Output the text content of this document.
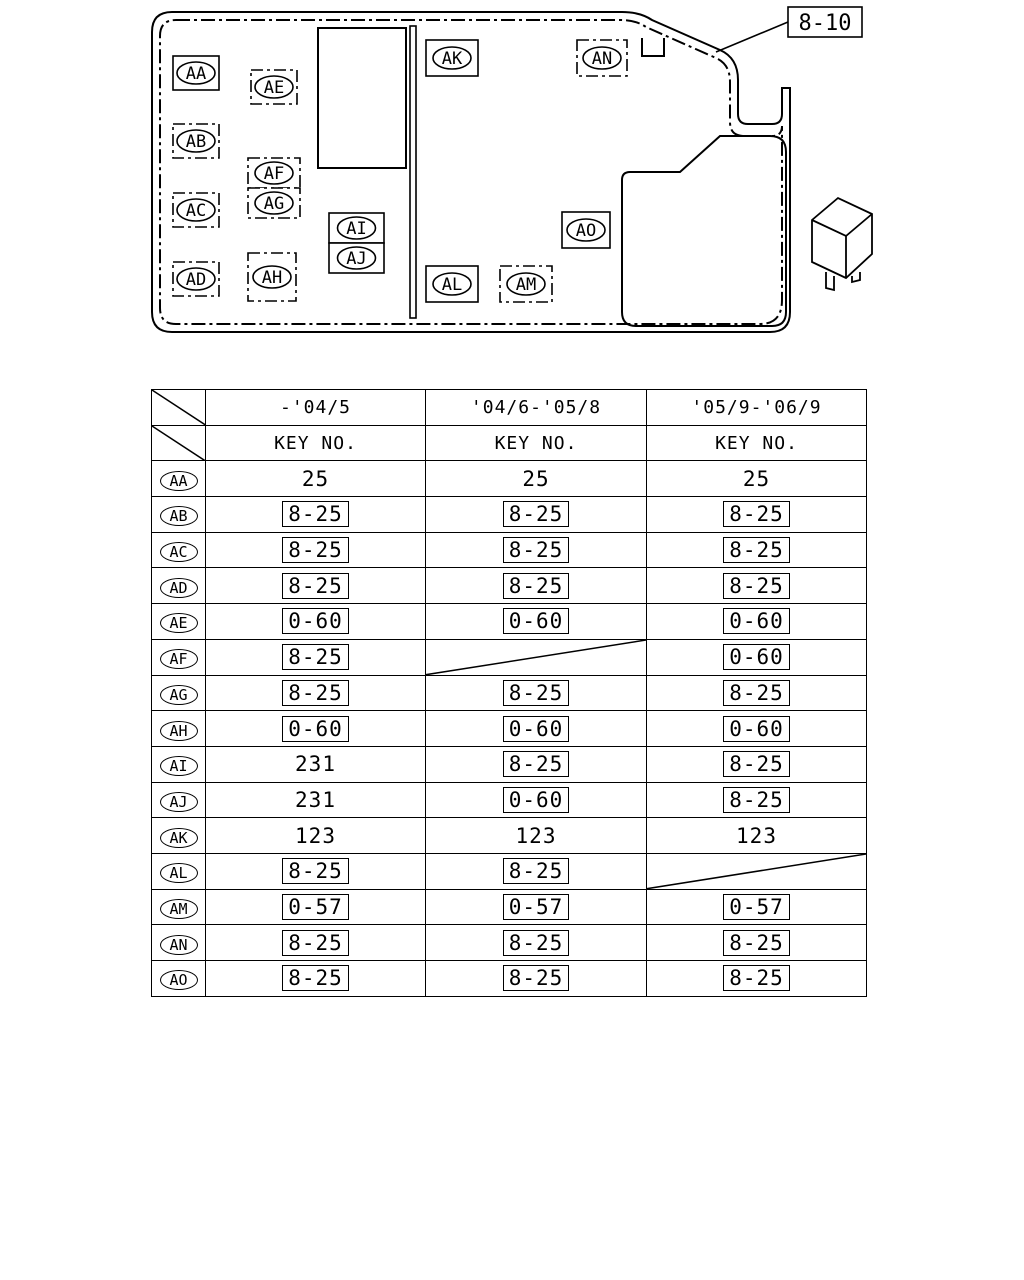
8-10
AA
AB
AC
AD
AE
AF
AG
AH
AI
AJ
AK
AL	AM
AN
AO
	-'04/5	'04/6-'05/8	'05/9-'06/9

	KEY NO.	KEY NO.	KEY NO.
AA	25	25	25
AB	8-25	8-25	8-25
AC	8-25	8-25	8-25
AD	8-25	8-25	8-25
AE	0-60	0-60	0-60
AF	8-25		0-60
AG	8-25	8-25	8-25
AH	0-60	0-60	0-60
AI	231	8-25	8-25
AJ	231	0-60	8-25
AK	123	123	123
AL	8-25	8-25	

AM	0-57	0-57	0-57
AN	8-25	8-25	8-25
AO	8-25	8-25	8-25
